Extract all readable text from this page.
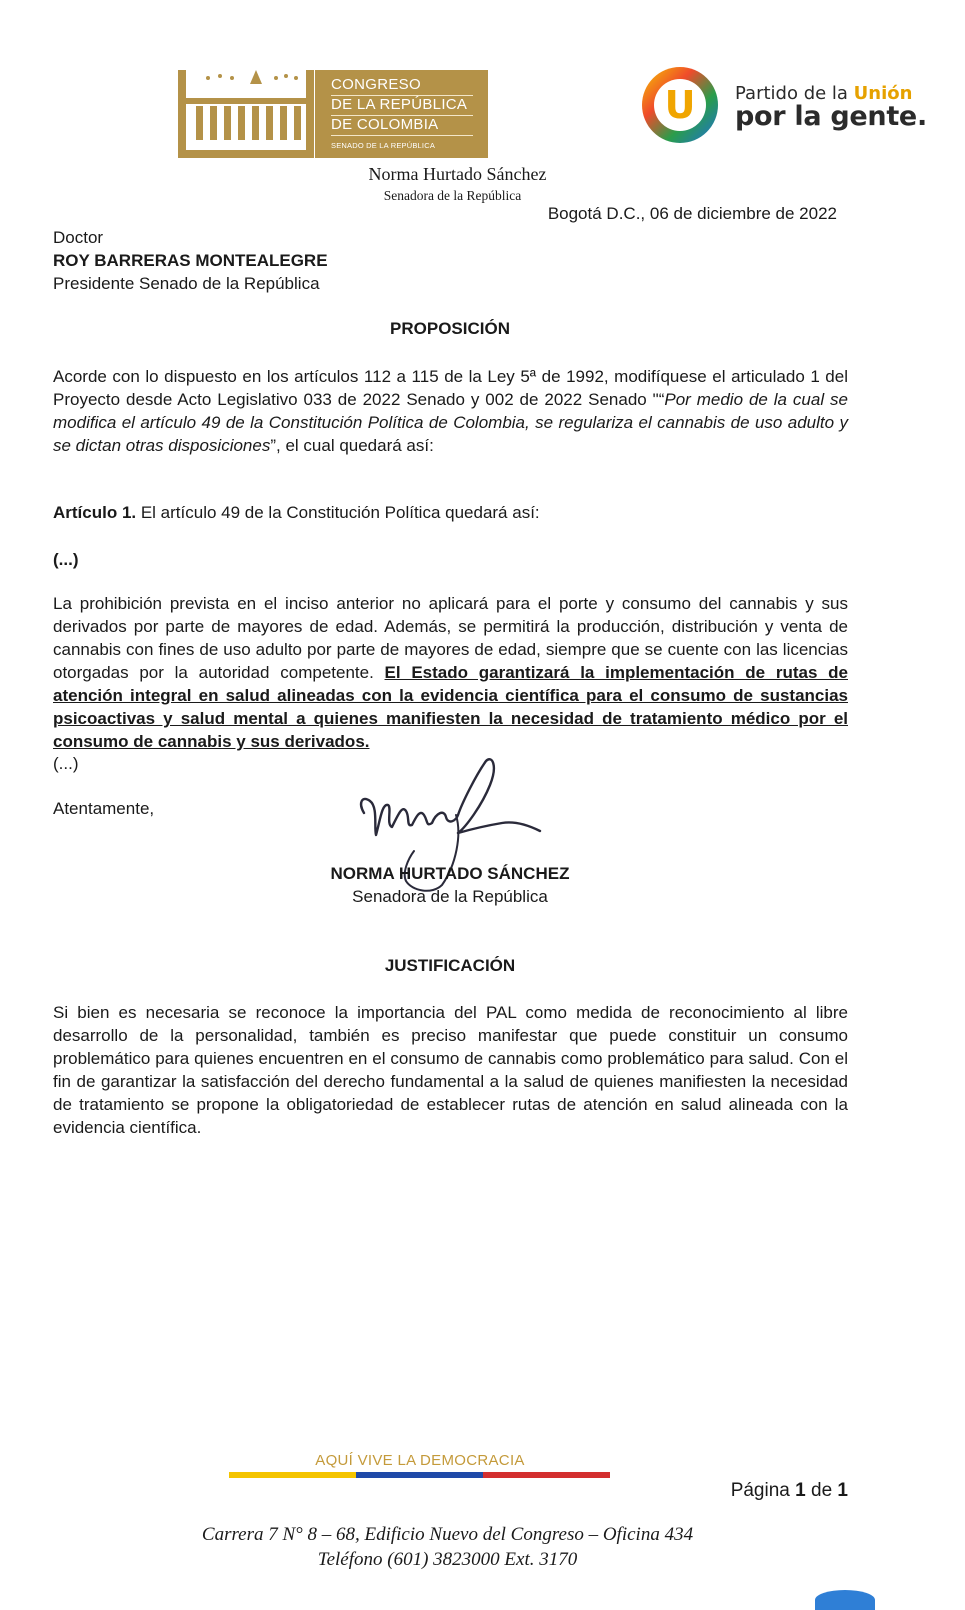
CONGRESO
DE LA REPÚBLICA
DE COLOMBIA
SENADO DE LA REPÚBLICA
U Partido de la Unión
por la gente.
Norma Hurtado Sánchez
Senadora de la República
Bogotá D.C., 06 de diciembre de 2022
Doctor
ROY BARRERAS MONTEALEGRE
Presidente Senado de la República
PROPOSICIÓN
Acorde con lo dispuesto en los artículos 112 a 115 de la Ley 5ª de 1992, modifíquese el articulado 1 del Proyecto desde Acto Legislativo 033 de 2022 Senado y 002 de 2022 Senado "“Por medio de la cual se modifica el artículo 49 de la Constitución Política de Colombia, se regulariza el cannabis de uso adulto y se dictan otras disposiciones”, el cual quedará así:
Artículo 1. El artículo 49 de la Constitución Política quedará así:
(...)
La prohibición prevista en el inciso anterior no aplicará para el porte y consumo del cannabis y sus derivados por parte de mayores de edad. Además, se permitirá la producción, distribución y venta de cannabis con fines de uso adulto por parte de mayores de edad, siempre que se cuente con las licencias otorgadas por la autoridad competente. El Estado garantizará la implementación de rutas de atención integral en salud alineadas con la evidencia científica para el consumo de sustancias psicoactivas y salud mental a quienes manifiesten la necesidad de tratamiento médico por el consumo de cannabis y sus derivados.
(...)
Atentamente,
NORMA HURTADO SÁNCHEZ
Senadora de la República
JUSTIFICACIÓN
Si bien es necesaria se reconoce la importancia del PAL como medida de reconocimiento al libre desarrollo de la personalidad, también es preciso manifestar que puede constituir un consumo problemático para quienes encuentren en el consumo de cannabis como problemático para salud. Con el fin de garantizar la satisfacción del derecho fundamental a la salud de quienes manifiesten la necesidad de tratamiento se propone la obligatoriedad de establecer rutas de atención en salud alineada con la evidencia científica.
AQUÍ VIVE LA DEMOCRACIA
Página 1 de 1
Carrera 7 N° 8 – 68, Edificio Nuevo del Congreso – Oficina 434
Teléfono (601) 3823000 Ext. 3170
